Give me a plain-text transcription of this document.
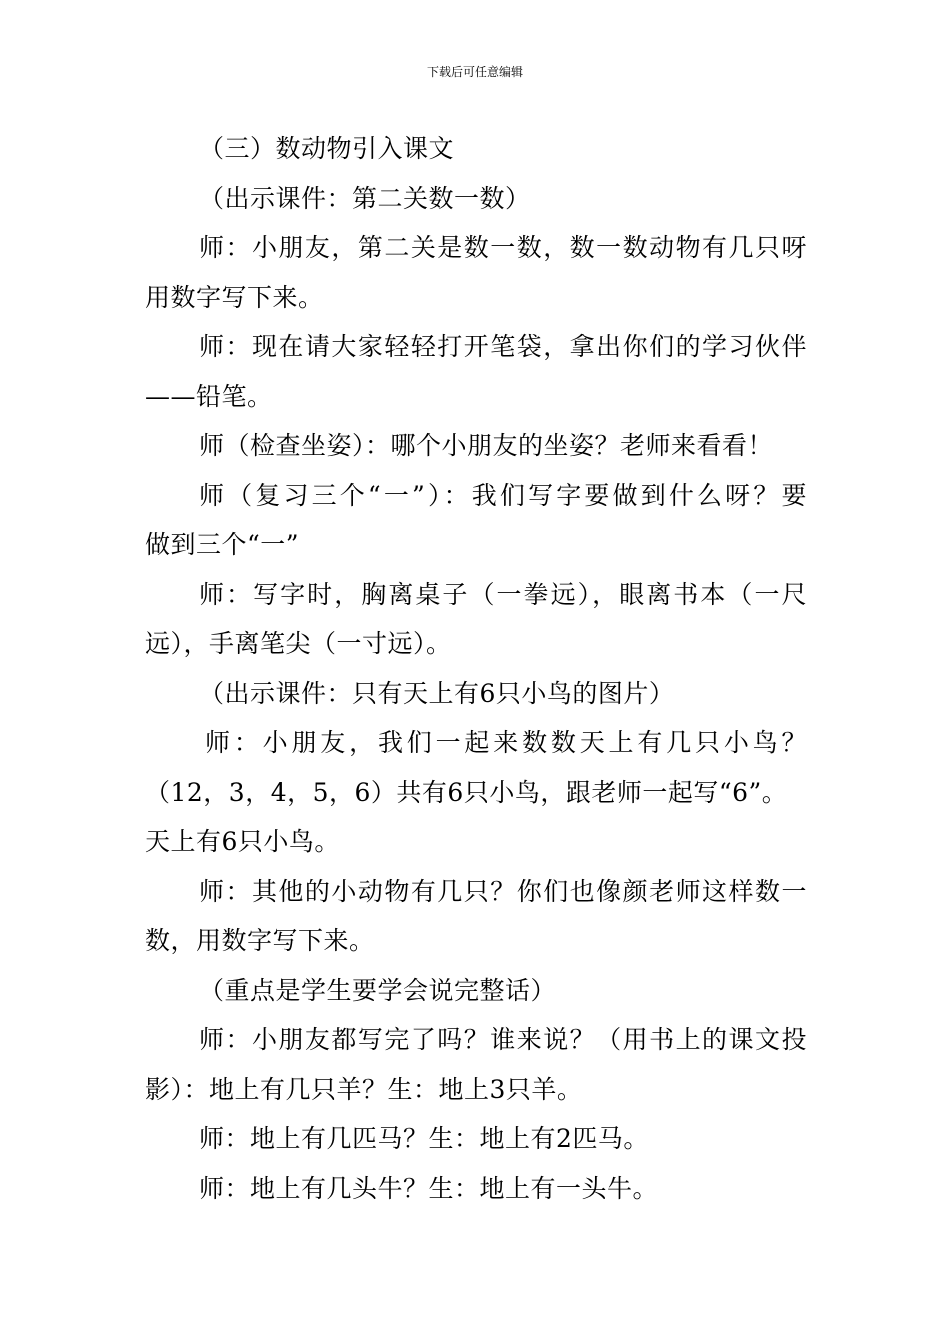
下载后可任意编辑
（三）数动物引入课文
（出示课件：第二关数一数）
师：小朋友，第二关是数一数，数一数动物有几只呀
用数字写下来。
师：现在请大家轻轻打开笔袋，拿出你们的学习伙伴
——铅笔。
师（检查坐姿）：哪个小朋友的坐姿？老师来看看！
师（复习三个“一”）：我们写字要做到什么呀？要
做到三个“一”
师：写字时，胸离桌子（一拳远），眼离书本（一尺
远），手离笔尖（一寸远）。
（出示课件：只有天上有6只小鸟的图片）
师：小朋友，我们一起来数数天上有几只小鸟？
（12，3，4，5，6）共有6只小鸟，跟老师一起写“6”。
天上有6只小鸟。
师：其他的小动物有几只？你们也像颜老师这样数一
数，用数字写下来。
（重点是学生要学会说完整话）
师：小朋友都写完了吗？谁来说？（用书上的课文投
影）：地上有几只羊？生：地上3只羊。
师：地上有几匹马？生：地上有2匹马。
师：地上有几头牛？生：地上有一头牛。
